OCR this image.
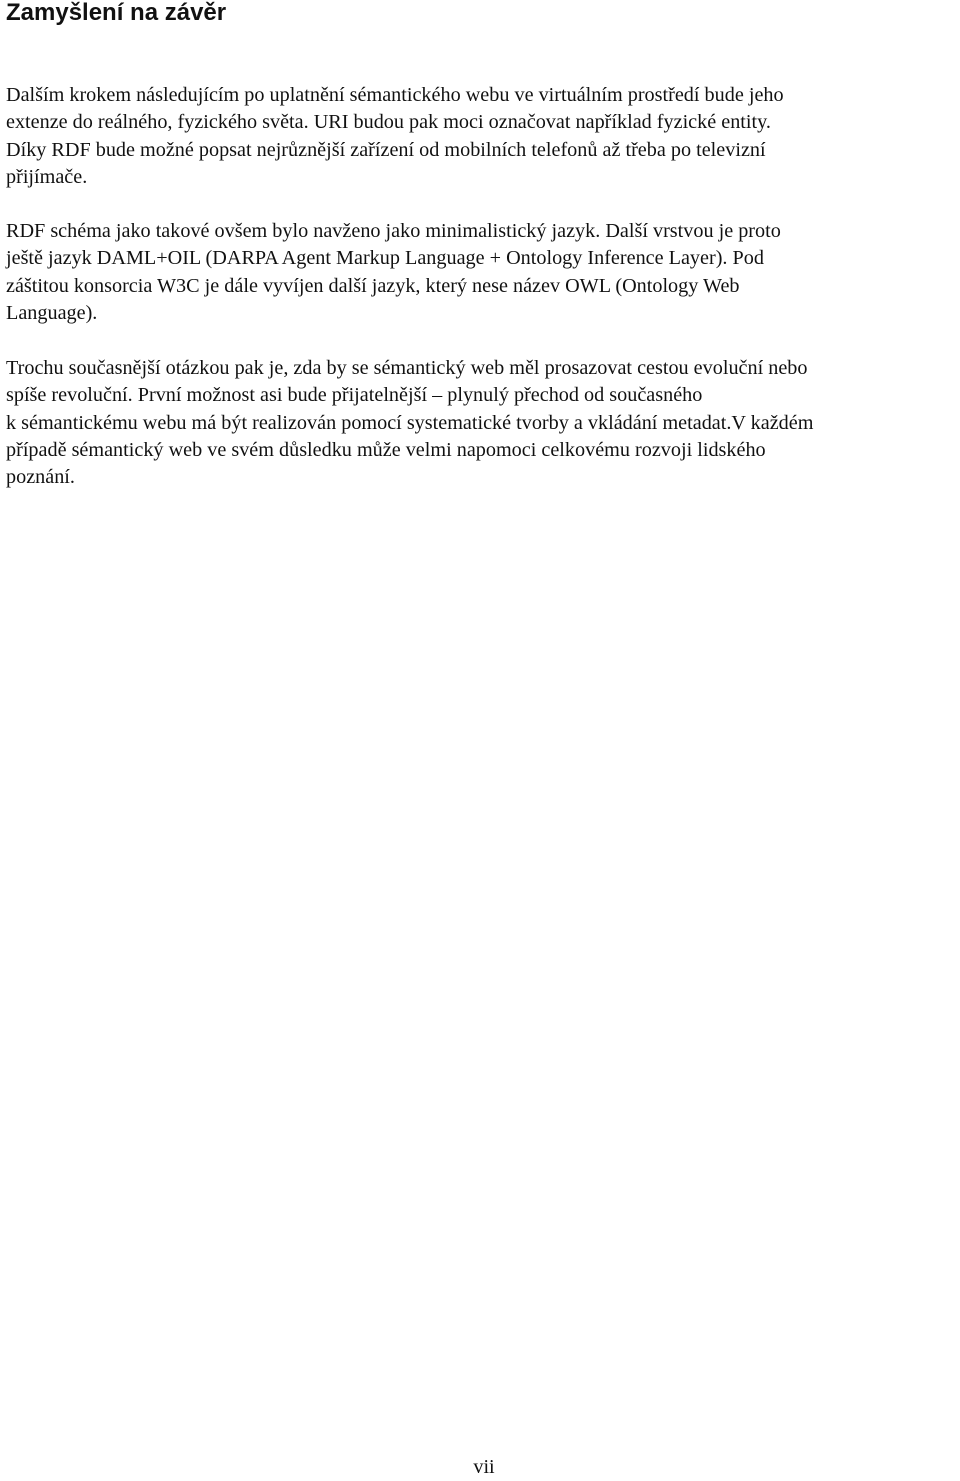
Zamyšlení na závěr

Dalším krokem následujícím po uplatnění sémantického webu ve virtuálním prostředí bude jeho
extenze do reálného, fyzického světa. URI budou pak moci označovat například fyzické entity.
Díky RDF bude možné popsat nejrůznější zařízení od mobilních telefonů až třeba po televizní
přijímače.

RDF schéma jako takové ovšem bylo navženo jako minimalistický jazyk. Další vrstvou je proto
ještě jazyk DAML+OIL (DARPA Agent Markup Language + Ontology Inference Layer). Pod
záštitou konsorcia W3C je dále vyvíjen další jazyk, který nese název OWL (Ontology Web
Language).

Trochu současnější otázkou pak je, zda by se sémantický web měl prosazovat cestou evoluční nebo
spíše revoluční. První možnost asi bude přijatelnější – plynulý přechod od současného
k sémantickému webu má být realizován pomocí systematické tvorby a vkládání metadat.V každém
případě sémantický web ve svém důsledku může velmi napomoci celkovému rozvoji lidského
poznání.

vii
